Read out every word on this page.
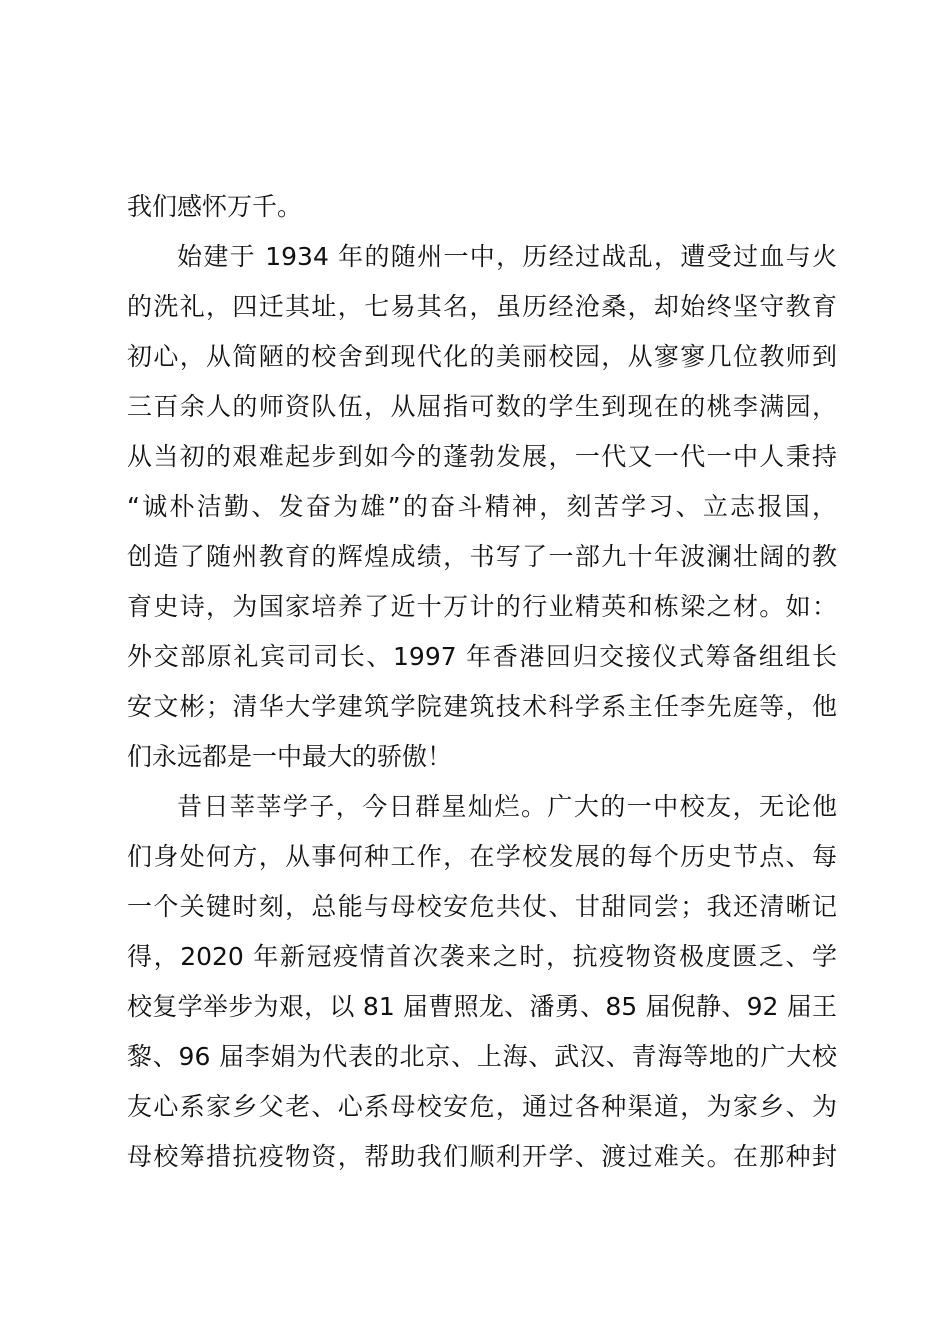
我们感怀万千。
始建于 1934 年的随州一中，历经过战乱，遭受过血与火
的洗礼，四迁其址，七易其名，虽历经沧桑，却始终坚守教育
初心，从简陋的校舍到现代化的美丽校园，从寥寥几位教师到
三百余人的师资队伍，从屈指可数的学生到现在的桃李满园，
从当初的艰难起步到如今的蓬勃发展，一代又一代一中人秉持
“诚朴洁勤、发奋为雄”的奋斗精神，刻苦学习、立志报国，
创造了随州教育的辉煌成绩，书写了一部九十年波澜壮阔的教
育史诗，为国家培养了近十万计的行业精英和栋梁之材。如：
外交部原礼宾司司长、1997 年香港回归交接仪式筹备组组长
安文彬；清华大学建筑学院建筑技术科学系主任李先庭等，他
们永远都是一中最大的骄傲！
昔日莘莘学子，今日群星灿烂。广大的一中校友，无论他
们身处何方，从事何种工作，在学校发展的每个历史节点、每
一个关键时刻，总能与母校安危共仗、甘甜同尝；我还清晰记
得，2020 年新冠疫情首次袭来之时，抗疫物资极度匮乏、学
校复学举步为艰，以 81 届曹照龙、潘勇、85 届倪静、92 届王
黎、96 届李娟为代表的北京、上海、武汉、青海等地的广大校
友心系家乡父老、心系母校安危，通过各种渠道，为家乡、为
母校筹措抗疫物资，帮助我们顺利开学、渡过难关。在那种封
